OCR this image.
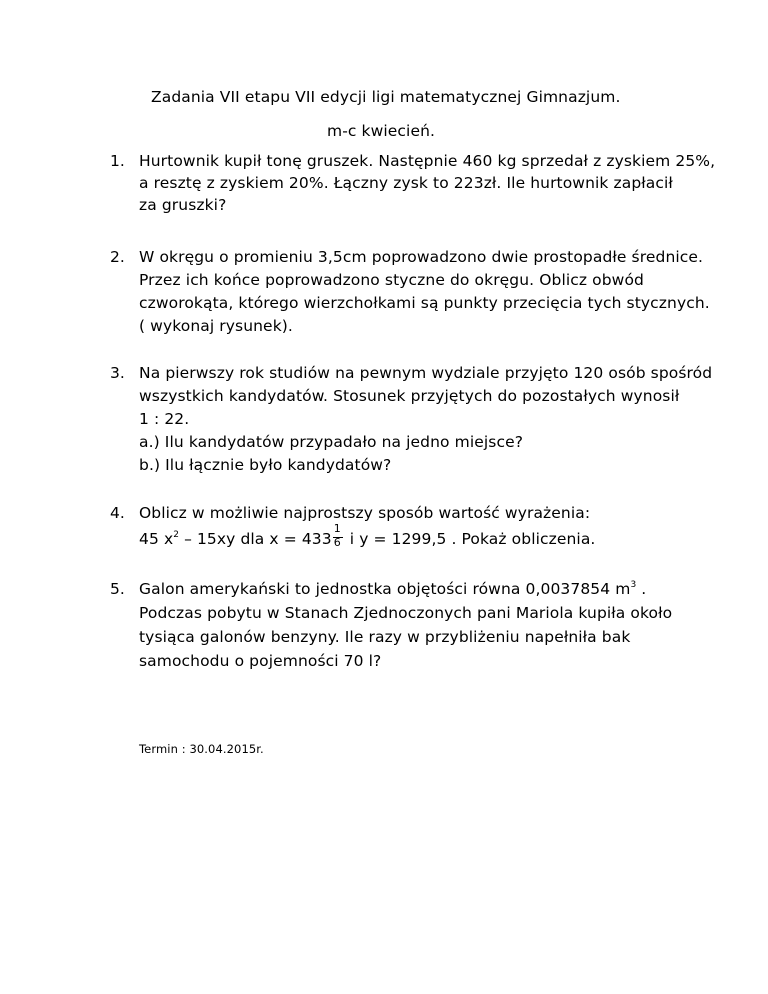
Zadania VII etapu VII edycji ligi matematycznej Gimnazjum.
m-c kwiecień.
1. Hurtownik kupił tonę gruszek. Następnie 460 kg sprzedał z zyskiem 25%,
a resztę z zyskiem 20%. Łączny zysk to 223zł. Ile hurtownik zapłacił
za gruszki?
2. W okręgu o promieniu 3,5cm poprowadzono dwie prostopadłe średnice.
Przez ich końce poprowadzono styczne do okręgu. Oblicz obwód
czworokąta, którego wierzchołkami są punkty przecięcia tych stycznych.
( wykonaj rysunek).
3. Na pierwszy rok studiów na pewnym wydziale przyjęto 120 osób spośród
wszystkich kandydatów. Stosunek przyjętych do pozostałych wynosił
1 : 22.
a.) Ilu kandydatów przypadało na jedno miejsce?
b.) Ilu łącznie było kandydatów?
4. Oblicz w możliwie najprostszy sposób wartość wyrażenia:
45 $x^2 - 15xy$ dla $x = 433 \frac{1}{6}$ i y = 1299,5 . Pokaż obliczenia.
5. Galon amerykański to jednostka objętości równa 0,0037854 $m^3$ .
Podczas pobytu w Stanach Zjednoczonych pani Mariola kupiła około
tysiąca galonów benzyny. Ile razy w przybliżeniu napełniła bak
samochodu o pojemności 70 l?
Termin : 30.04.2015r.
